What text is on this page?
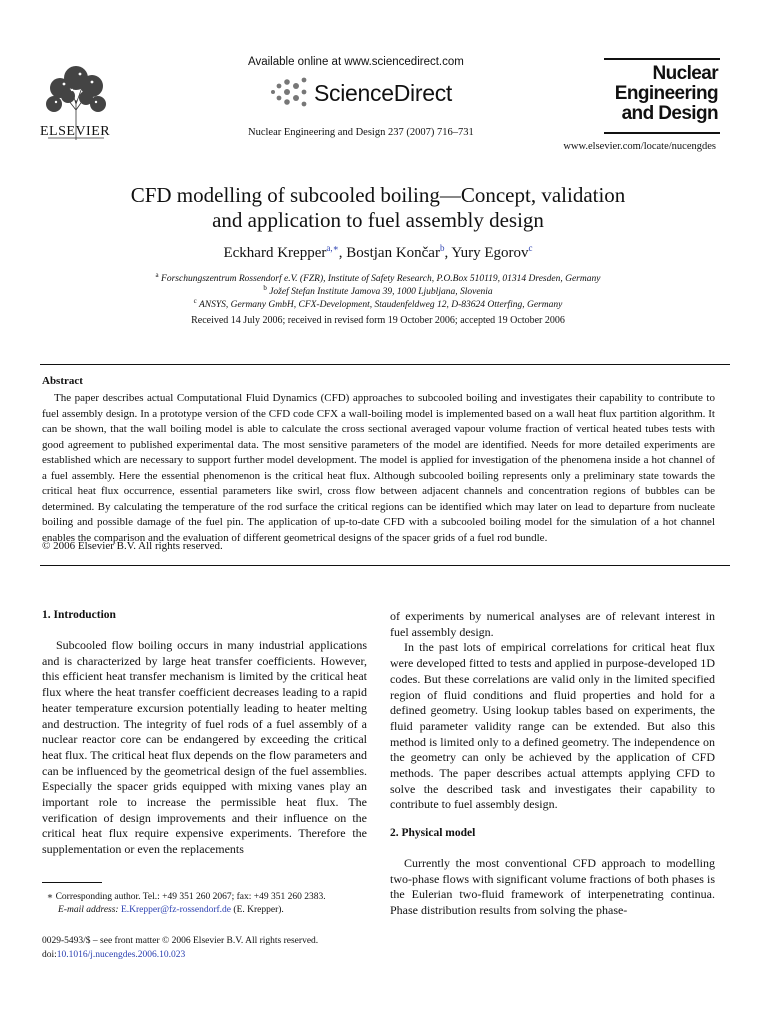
ELSEVIER
Available online at www.sciencedirect.com
ScienceDirect
Nuclear Engineering and Design 237 (2007) 716–731
Nuclear
Engineering
and Design
www.elsevier.com/locate/nucengdes
CFD modelling of subcooled boiling—Concept, validation
and application to fuel assembly design
Eckhard Krepper$^{a,∗}$, Bostjan Končar$^b$, Yury Egorov$^c$
$^a$ Forschungszentrum Rossendorf e.V. (FZR), Institute of Safety Research, P.O.Box 510119, 01314 Dresden, Germany
$^b$ Jožef Stefan Institute Jamova 39, 1000 Ljubljana, Slovenia
$^c$ ANSYS, Germany GmbH, CFX-Development, Staudenfeldweg 12, D-83624 Otterfing, Germany
Received 14 July 2006; received in revised form 19 October 2006; accepted 19 October 2006
Abstract
The paper describes actual Computational Fluid Dynamics (CFD) approaches to subcooled boiling and investigates their capability to contribute to fuel assembly design. In a prototype version of the CFD code CFX a wall-boiling model is implemented based on a wall heat flux partition algorithm. It can be shown, that the wall boiling model is able to calculate the cross sectional averaged vapour volume fraction of vertical heated tubes tests with good agreement to published experimental data. The most sensitive parameters of the model are identified. Needs for more detailed experiments are established which are necessary to support further model development. The model is applied for investigation of the phenomena inside a hot channel of a fuel assembly. Here the essential phenomenon is the critical heat flux. Although subcooled boiling represents only a preliminary state towards the critical heat flux occurrence, essential parameters like swirl, cross flow between adjacent channels and concentration regions of bubbles can be determined. By calculating the temperature of the rod surface the critical regions can be identified which may later on lead to departure from nucleate boiling and possible damage of the fuel pin. The application of up-to-date CFD with a subcooled boiling model for the simulation of a hot channel enables the comparison and the evaluation of different geometrical designs of the spacer grids of a fuel rod bundle.
© 2006 Elsevier B.V. All rights reserved.
1. Introduction

Subcooled flow boiling occurs in many industrial applications and is characterized by large heat transfer coefficients. However, this efficient heat transfer mechanism is limited by the critical heat flux where the heat transfer coefficient decreases leading to a rapid heater temperature excursion potentially leading to heater melting and destruction. The integrity of fuel rods of a fuel assembly of a nuclear reactor core can be endangered by exceeding the critical heat flux. The critical heat flux depends on the flow parameters and can be influenced by the geometrical design of the fuel assemblies. Especially the spacer grids equipped with mixing vanes play an important role to increase the permissible heat flux. The verification of design improvements and their influence on the critical heat flux require expensive experiments. Therefore the supplementation or even the replacements

∗ Corresponding author. Tel.: +49 351 260 2067; fax: +49 351 260 2383.
E-mail address: E.Krepper@fz-rossendorf.de (E. Krepper).
0029-5493/$ – see front matter © 2006 Elsevier B.V. All rights reserved.
doi:10.1016/j.nucengdes.2006.10.023

of experiments by numerical analyses are of relevant interest in fuel assembly design.

In the past lots of empirical correlations for critical heat flux were developed fitted to tests and applied in purpose-developed 1D codes. But these correlations are valid only in the limited specified region of fluid conditions and fluid properties and hold for a defined geometry. Using lookup tables based on experiments, the fluid parameter validity range can be extended. But also this method is limited only to a defined geometry. The independence on the geometry can only be achieved by the application of CFD methods. The paper describes actual attempts applying CFD to solve the described task and investigates their capability to contribute to fuel assembly design.

2. Physical model

Currently the most conventional CFD approach to modelling two-phase flows with significant volume fractions of both phases is the Eulerian two-fluid framework of interpenetrating continua. Phase distribution results from solving the phase-
